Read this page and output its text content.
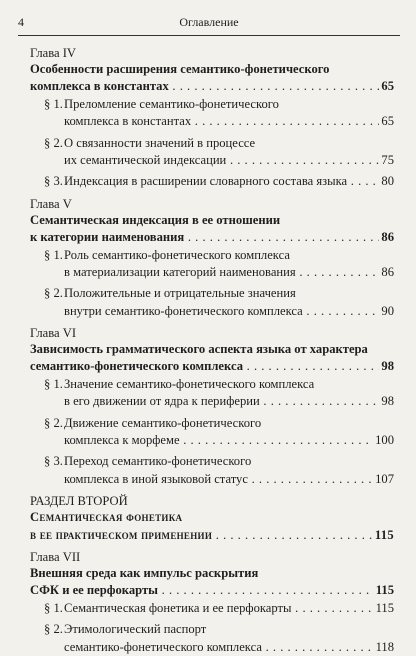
4	Оглавление
Глава IV
Особенности расширения семантико-фонетического
комплекса в константах . . .	65
§ 1. Преломление семантико-фонетического
комплекса в константах . . .	65
§ 2. О связанности значений в процессе
их семантической индексации . . .	75
§ 3. Индексация в расширении словарного состава языка . . .	80
Глава V
Семантическая индексация в ее отношении
к категории наименования . . .	86
§ 1. Роль семантико-фонетического комплекса
в материализации категорий наименования . . .	86
§ 2. Положительные и отрицательные значения
внутри семантико-фонетического комплекса . . .	90
Глава VI
Зависимость грамматического аспекта языка от характера
семантико-фонетического комплекса . . .	98
§ 1. Значение семантико-фонетического комплекса
в его движении от ядра к периферии . . .	98
§ 2. Движение семантико-фонетического
комплекса к морфеме . . .	100
§ 3. Переход семантико-фонетического
комплекса в иной языковой статус . . .	107
РАЗДЕЛ ВТОРОЙ
Семантическая фонетика
в ее практическом применении . . .	115
Глава VII
Внешняя среда как импульс раскрытия
СФК и ее перфокарты . . .	115
§ 1. Семантическая фонетика и ее перфокарты . . .	115
§ 2. Этимологический паспорт
семантико-фонетического комплекса . . .	118
